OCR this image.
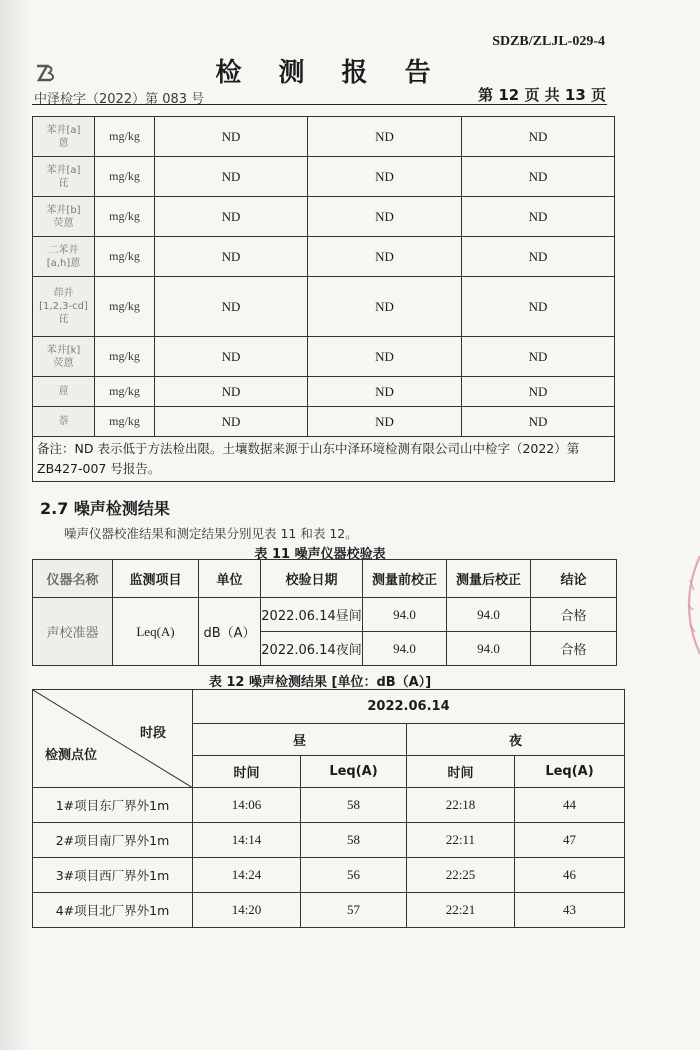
SDZB/ZLJL-029-4
检 测 报 告
中泽检字（2022）第 083 号	第 12 页 共 13 页
苯并[a]
蒽	mg/kg	ND	ND	ND

苯并[a]
芘	mg/kg	ND	ND	ND

苯并[b]
荧蒽	mg/kg	ND	ND	ND

二苯并
[a,h]蒽	mg/kg	ND	ND	ND

茚并
[1,2,3-cd]
芘	mg/kg	ND	ND	ND

苯并[k]
荧蒽	mg/kg	ND	ND	ND
䓛	mg/kg	ND	ND	ND
萘	mg/kg	ND	ND	ND

备注：ND 表示低于方法检出限。土壤数据来源于山东中泽环境检测有限公司山中检字（2022）第
ZB427-007 号报告。				
2.7 噪声检测结果
噪声仪器校准结果和测定结果分别见表 11 和表 12。
表 11 噪声仪器校验表
仪器名称	监测项目	单位	校验日期	测量前校正	测量后校正	结论
声校准器	Leq(A)	dB（A）	2022.06.14昼间	94.0	94.0	合格
			2022.06.14夜间	94.0	94.0	合格
表 12 噪声检测结果 [单位：dB（A）]
时段
检测点位	2022.06.14			
	昼		夜	
	时间	Leq(A)	时间	Leq(A)
1#项目东厂界外1m	14:06	58	22:18	44
2#项目南厂界外1m	14:14	58	22:11	47
3#项目西厂界外1m	14:24	56	22:25	46
4#项目北厂界外1m	14:20	57	22:21	43
